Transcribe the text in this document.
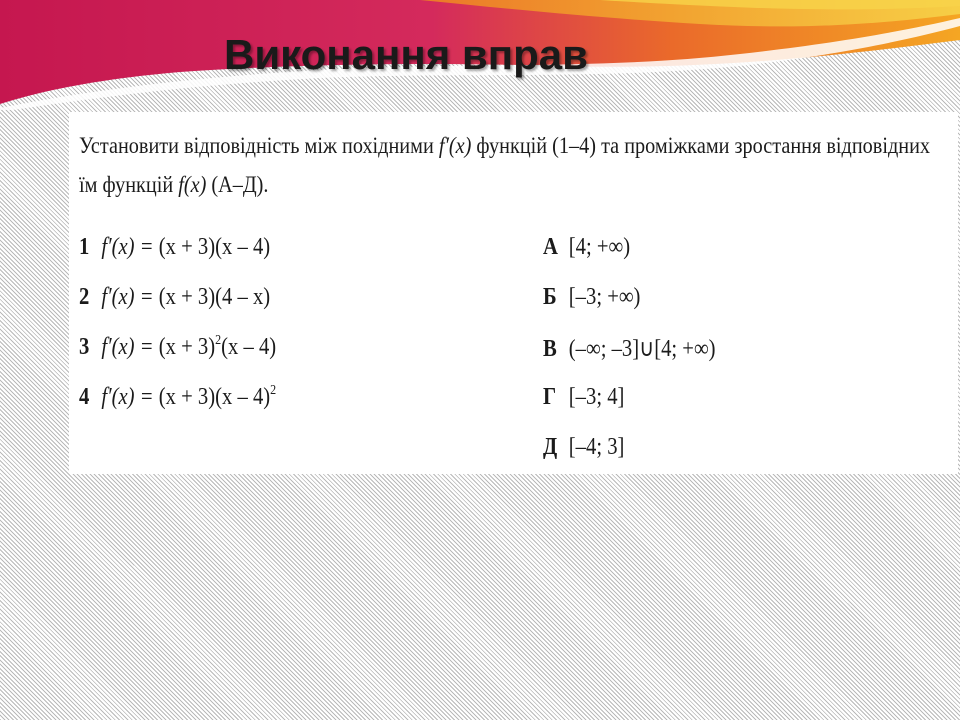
Виконання вправ

Установити відповідність між похідними f′(x) функцій (1–4) та проміжками зростання відповідних їм функцій f(x) (А–Д).

1 f′(x) = (x + 3)(x – 4)
2 f′(x) = (x + 3)(4 – x)
3 $f'(x) = (x + 3)^2(x - 4)$
4 f′(x) = (x + 3)(x – 4)$^2$
А [4; +∞)
Б [–3; +∞)
В (–∞; –3]∪[4; +∞)
Г [–3; 4]
Д [–4; 3]
